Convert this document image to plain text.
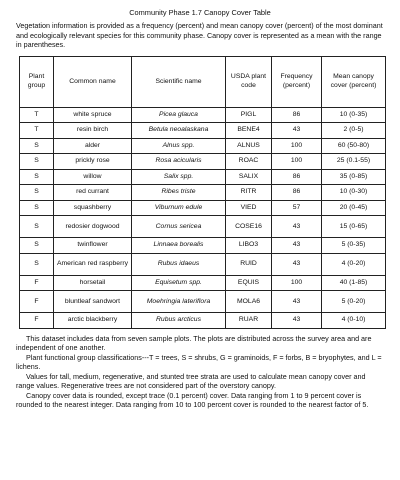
Community Phase 1.7 Canopy Cover Table
Vegetation information is provided as a frequency (percent) and mean canopy cover (percent) of the most dominant and ecologically relevant species for this community phase. Canopy cover is represented as a mean with the range in parentheses.
Plant group	Common name	Scientific name	USDA plant code	Frequency (percent)	Mean canopy cover (percent)
T	white spruce	Picea glauca	PIGL	86	10 (0-35)
T	resin birch	Betula neoalaskana	BENE4	43	2 (0-5)
S	alder	Alnus spp.	ALNUS	100	60 (50-80)
S	prickly rose	Rosa acicularis	ROAC	100	25 (0.1-55)
S	willow	Salix spp.	SALIX	86	35 (0-85)
S	red currant	Ribes triste	RITR	86	10 (0-30)
S	squashberry	Viburnum edule	VIED	57	20 (0-45)
S	redosier dogwood	Cornus sericea	COSE16	43	15 (0-65)
S	twinflower	Linnaea borealis	LIBO3	43	5 (0-35)
S	American red raspberry	Rubus idaeus	RUID	43	4 (0-20)
F	horsetail	Equisetum spp.	EQUIS	100	40 (1-85)
F	bluntleaf sandwort	Moehringia lateriflora	MOLA6	43	5 (0-20)
F	arctic blackberry	Rubus arcticus	RUAR	43	4 (0-10)

This dataset includes data from seven sample plots. The plots are distributed across the survey area and are independent of one another.

Plant functional group classifications---T = trees, S = shrubs, G = graminoids, F = forbs, B = bryophytes, and L = lichens.

Values for tall, medium, regenerative, and stunted tree strata are used to calculate mean canopy cover and range values. Regenerative trees are not considered part of the overstory canopy.

Canopy cover data is rounded, except trace (0.1 percent) cover. Data ranging from 1 to 9 percent cover is rounded to the nearest integer. Data ranging from 10 to 100 percent cover is rounded to the nearest factor of 5.
